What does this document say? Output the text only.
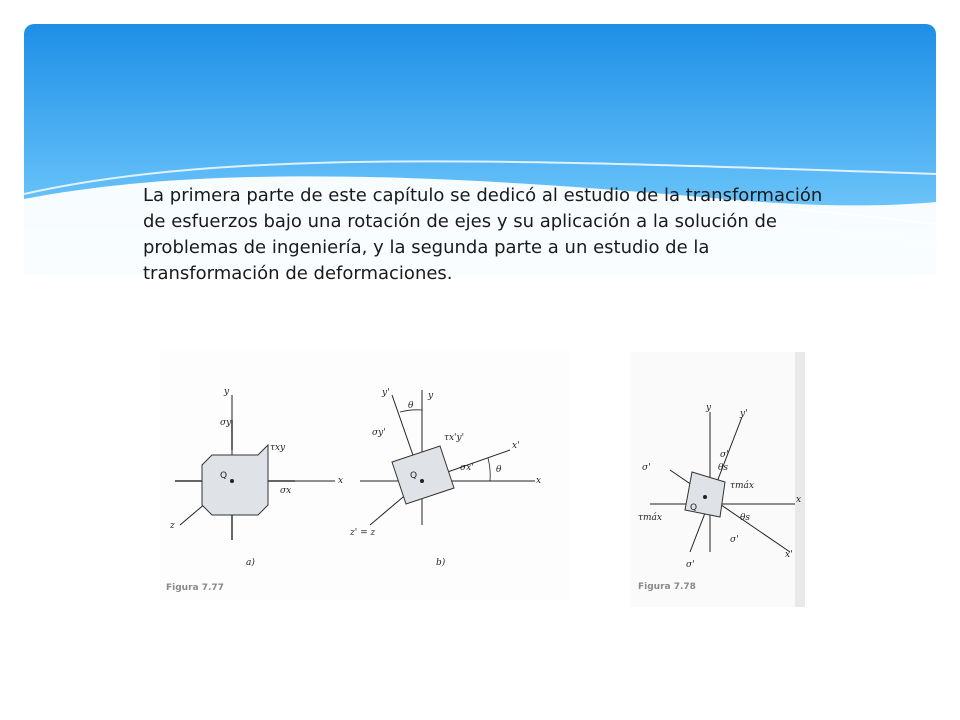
La primera parte de este capítulo se dedicó al estudio de la transformación de esfuerzos bajo una rotación de ejes y su aplicación a la solución de problemas de ingeniería, y la segunda parte a un estudio de la transformación de deformaciones.

y
x
z
Q
σy
σx
τxy
a)
y'	y
θ
x'
x
θ
z' = z
Q
σy'
σx'
τx'y'
b)
Figura 7.77
y
y'
x
x'
Q
σ'
σ'
σ'
σ'
τmáx
τmáx
θs
θs
Figura 7.78
